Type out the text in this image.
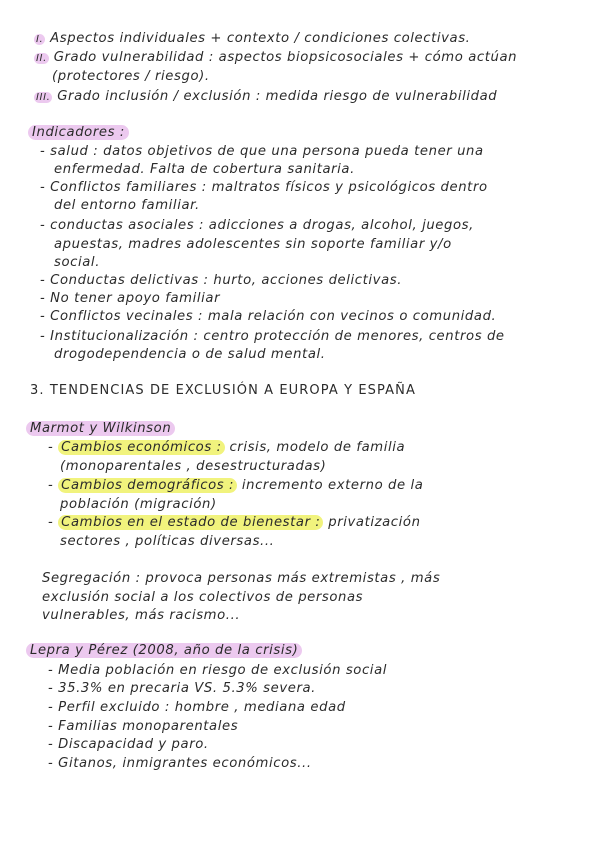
I. Aspectos individuales + contexto / condiciones colectivas.
II. Grado vulnerabilidad : aspectos biopsicosociales + cómo actúan
(protectores / riesgo).
III. Grado inclusión / exclusión : medida riesgo de vulnerabilidad
Indicadores :
- salud : datos objetivos de que una persona pueda tener una
enfermedad. Falta de cobertura sanitaria.
- Conflictos familiares : maltratos físicos y psicológicos dentro
del entorno familiar.
- conductas asociales : adicciones a drogas, alcohol, juegos,
apuestas, madres adolescentes sin soporte familiar y/o
social.
- Conductas delictivas : hurto, acciones delictivas.
- No tener apoyo familiar
- Conflictos vecinales : mala relación con vecinos o comunidad.
- Institucionalización : centro protección de menores, centros de
drogodependencia o de salud mental.
3. TENDENCIAS DE EXCLUSIÓN A EUROPA Y ESPAÑA
Marmot y Wilkinson
- Cambios económicos : crisis, modelo de familia
(monoparentales , desestructuradas)
- Cambios demográficos : incremento externo de la
población (migración)
- Cambios en el estado de bienestar : privatización
sectores , políticas diversas...
Segregación : provoca personas más extremistas , más
exclusión social a los colectivos de personas
vulnerables, más racismo...
Lepra y Pérez (2008, año de la crisis)
- Media población en riesgo de exclusión social
- 35.3% en precaria VS. 5.3% severa.
- Perfil excluido : hombre , mediana edad
- Familias monoparentales
- Discapacidad y paro.
- Gitanos, inmigrantes económicos...
